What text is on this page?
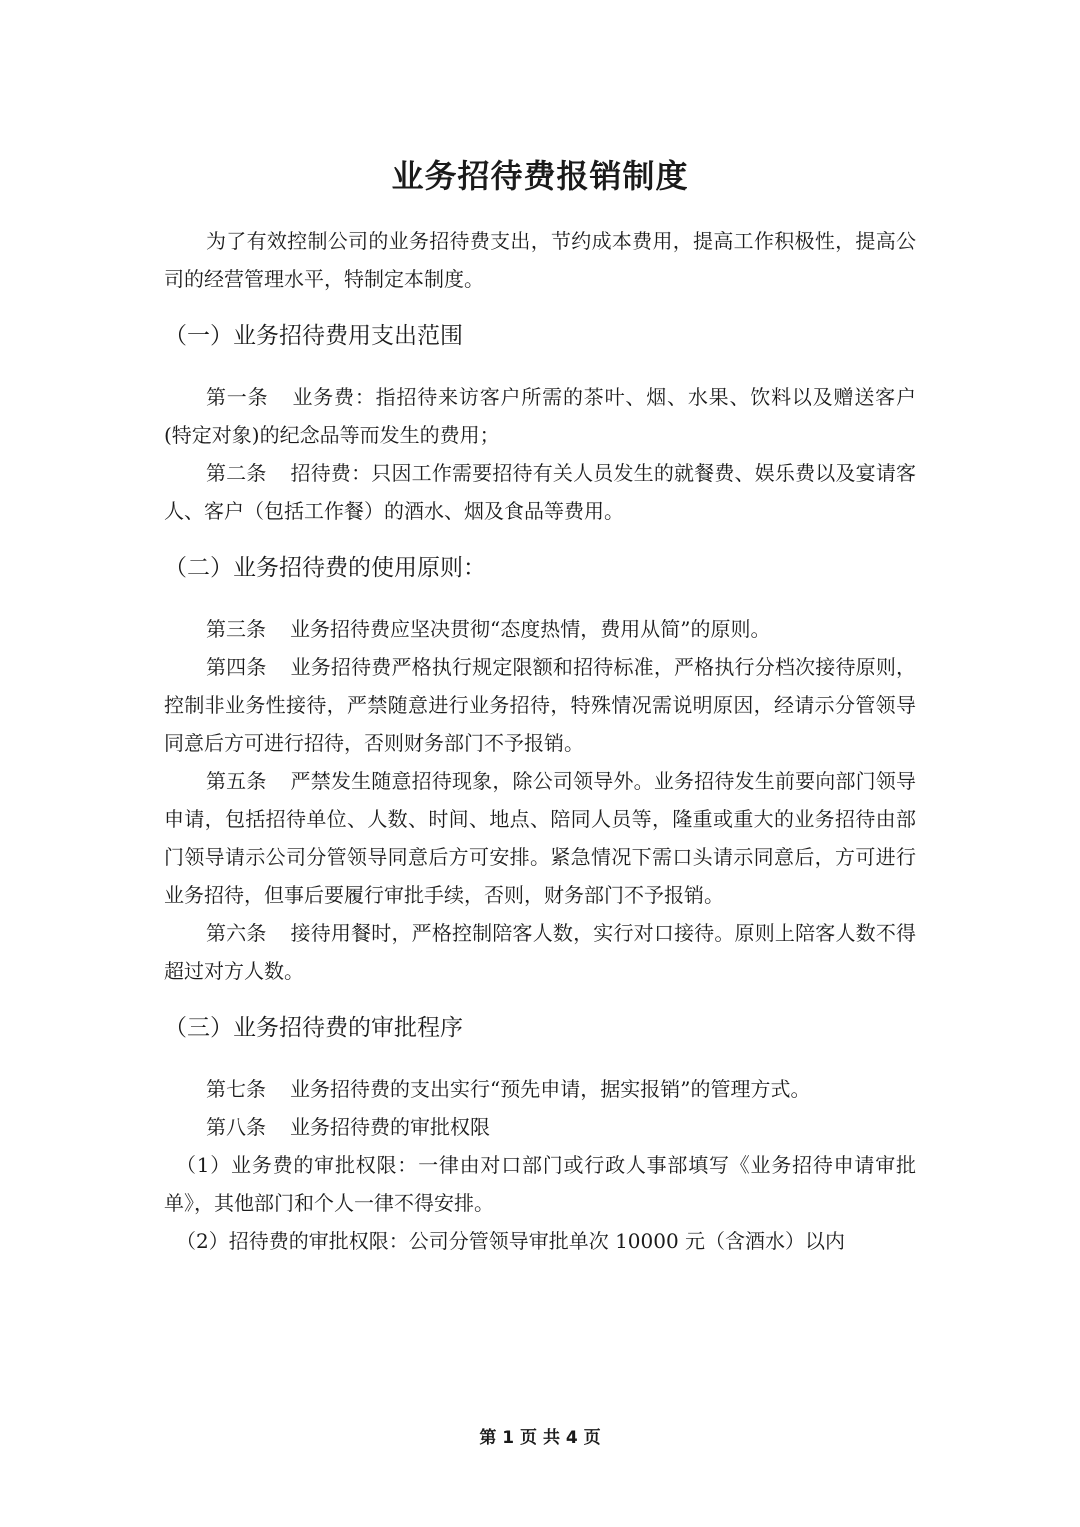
业务招待费报销制度

为了有效控制公司的业务招待费支出，节约成本费用，提高工作积极性，提高公司的经营管理水平，特制定本制度。

（一）业务招待费用支出范围

第一条 业务费：指招待来访客户所需的茶叶、烟、水果、饮料以及赠送客户(特定对象)的纪念品等而发生的费用；

第二条 招待费：只因工作需要招待有关人员发生的就餐费、娱乐费以及宴请客人、客户（包括工作餐）的酒水、烟及食品等费用。

（二）业务招待费的使用原则：

第三条 业务招待费应坚决贯彻“态度热情，费用从简”的原则。

第四条 业务招待费严格执行规定限额和招待标准，严格执行分档次接待原则，控制非业务性接待，严禁随意进行业务招待，特殊情况需说明原因，经请示分管领导同意后方可进行招待，否则财务部门不予报销。

第五条 严禁发生随意招待现象，除公司领导外。业务招待发生前要向部门领导申请，包括招待单位、人数、时间、地点、陪同人员等，隆重或重大的业务招待由部门领导请示公司分管领导同意后方可安排。紧急情况下需口头请示同意后，方可进行业务招待，但事后要履行审批手续，否则，财务部门不予报销。

第六条 接待用餐时，严格控制陪客人数，实行对口接待。原则上陪客人数不得超过对方人数。

（三）业务招待费的审批程序

第七条 业务招待费的支出实行“预先申请，据实报销”的管理方式。

第八条 业务招待费的审批权限

（1）业务费的审批权限：一律由对口部门或行政人事部填写《业务招待申请审批单》，其他部门和个人一律不得安排。

（2）招待费的审批权限：公司分管领导审批单次 10000 元（含酒水）以内

第 1 页 共 4 页
